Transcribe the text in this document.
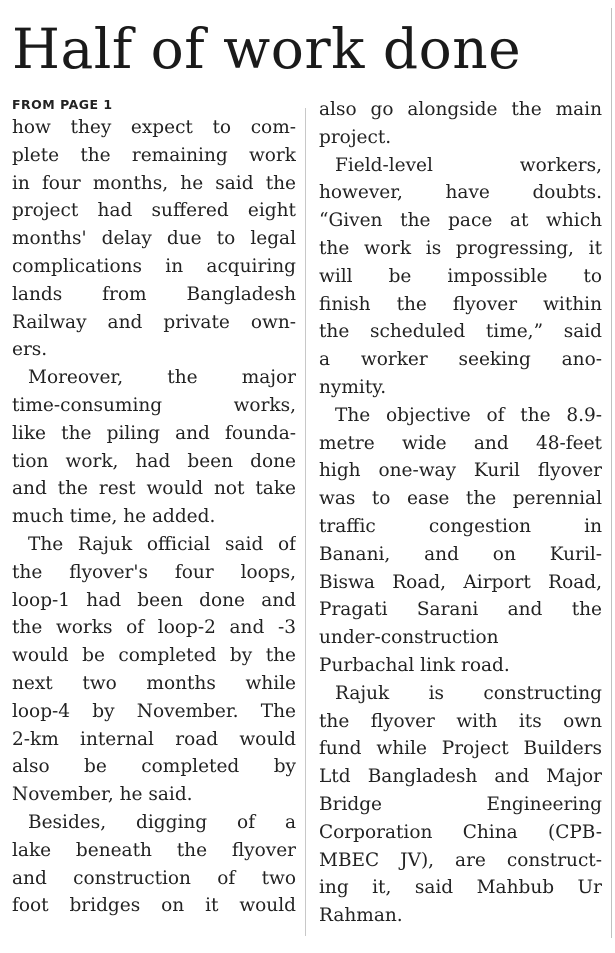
Half of work done
FROM PAGE 1
how they expect to com-
plete the remaining work
in four months, he said the
project had suffered eight
months' delay due to legal
complications in acquiring
lands from Bangladesh
Railway and private own-
ers.
Moreover, the major
time-consuming works,
like the piling and founda-
tion work, had been done
and the rest would not take
much time, he added.
The Rajuk official said of
the flyover's four loops,
loop-1 had been done and
the works of loop-2 and -3
would be completed by the
next two months while
loop-4 by November. The
2-km internal road would
also be completed by
November, he said.
Besides, digging of a
lake beneath the flyover
and construction of two
foot bridges on it would
also go alongside the main
project.
Field-level workers,
however, have doubts.
“Given the pace at which
the work is progressing, it
will be impossible to
finish the flyover within
the scheduled time,” said
a worker seeking ano-
nymity.
The objective of the 8.9-
metre wide and 48-feet
high one-way Kuril flyover
was to ease the perennial
traffic congestion in
Banani, and on Kuril-
Biswa Road, Airport Road,
Pragati Sarani and the
under-construction
Purbachal link road.
Rajuk is constructing
the flyover with its own
fund while Project Builders
Ltd Bangladesh and Major
Bridge Engineering
Corporation China (CPB-
MBEC JV), are construct-
ing it, said Mahbub Ur
Rahman.
